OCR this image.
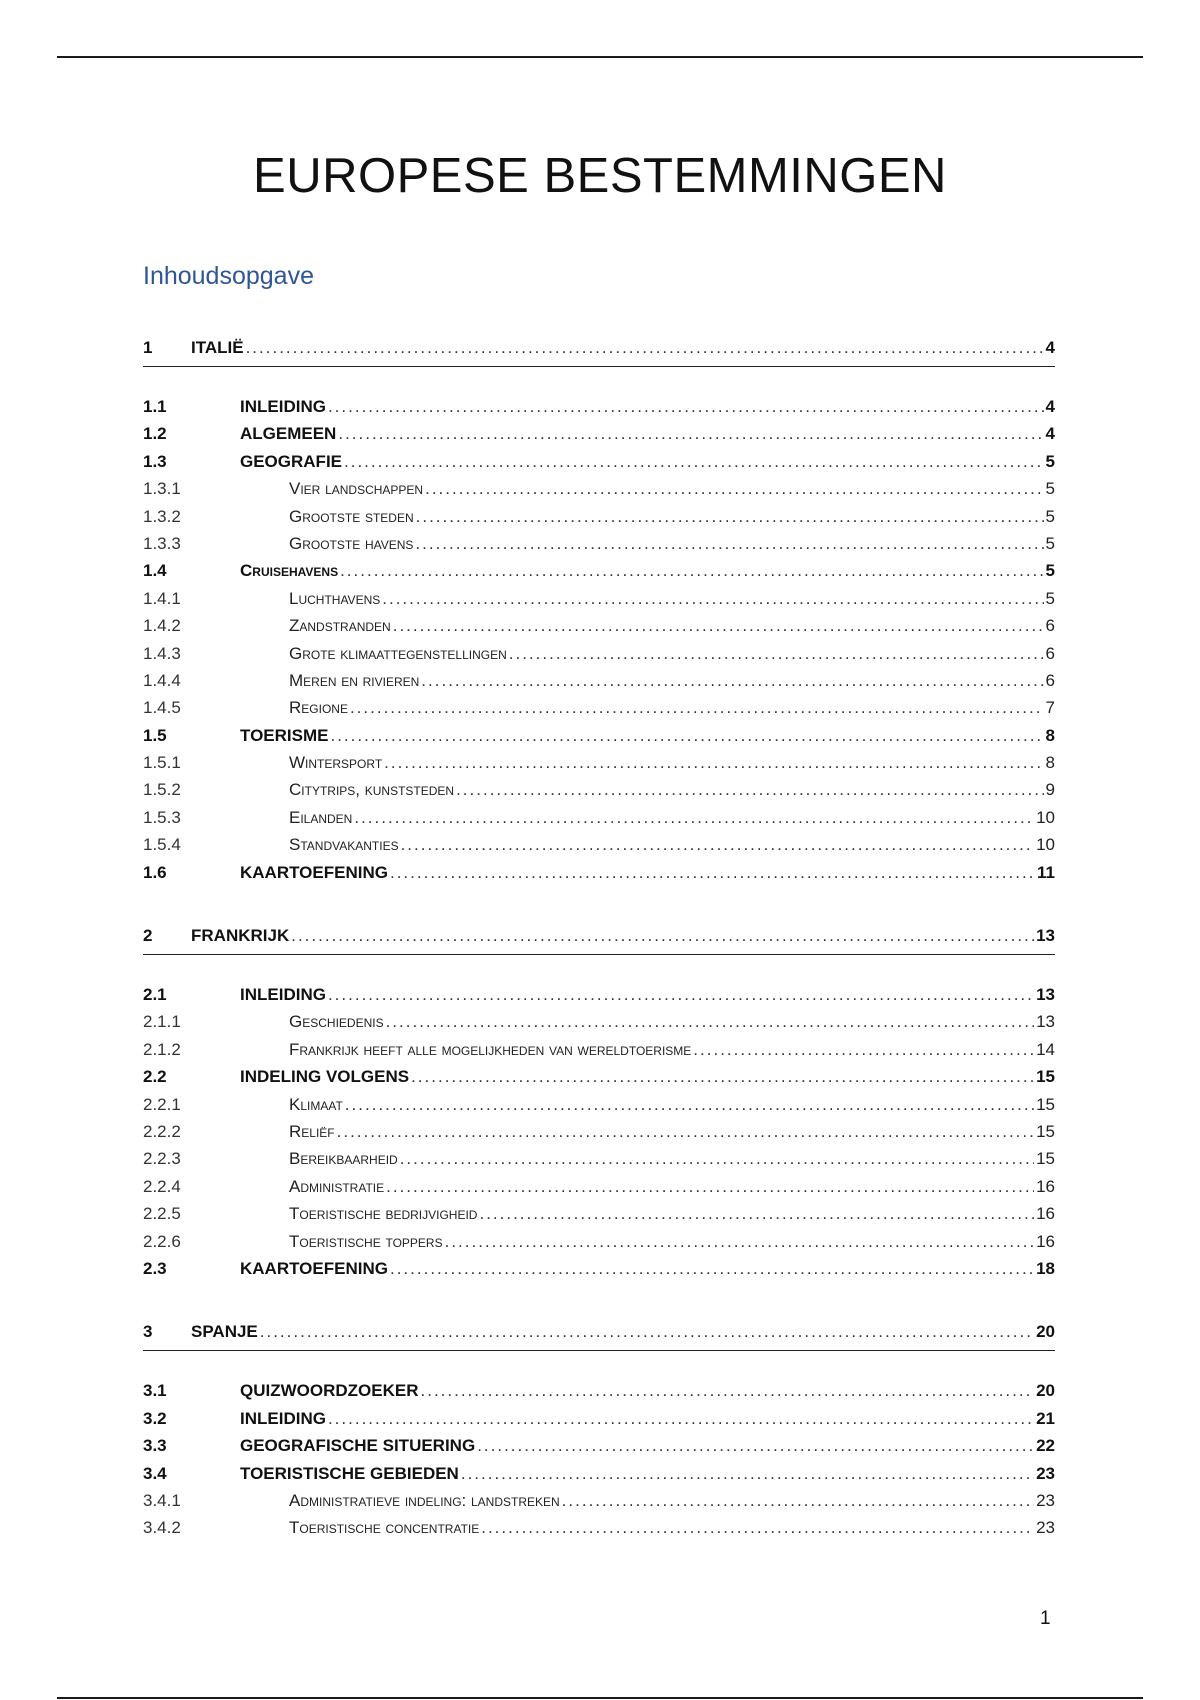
EUROPESE BESTEMMINGEN
Inhoudsopgave
1	ITALIË .....	4
1.1	INLEIDING .....	4
1.2	ALGEMEEN .....	4
1.3	GEOGRAFIE .....	5
1.3.1	Vier landschappen .....	5
1.3.2	Grootste steden .....	5
1.3.3	Grootste havens .....	5
1.4	Cruisehavens .....	5
1.4.1	Luchthavens .....	5
1.4.2	Zandstranden .....	6
1.4.3	Grote klimaattegenstellingen .....	6
1.4.4	Meren en rivieren .....	6
1.4.5	Regione .....	7
1.5	TOERISME .....	8
1.5.1	Wintersport .....	8
1.5.2	Citytrips, kunststeden .....	9
1.5.3	Eilanden .....	10
1.5.4	Standvakanties .....	10
1.6	KAARTOEFENING .....	11
2	FRANKRIJK .....	13
2.1	INLEIDING .....	13
2.1.1	Geschiedenis .....	13
2.1.2	Frankrijk heeft alle mogelijkheden van wereldtoerisme .....	14
2.2	INDELING VOLGENS .....	15
2.2.1	Klimaat .....	15
2.2.2	Reliëf .....	15
2.2.3	Bereikbaarheid .....	15
2.2.4	Administratie .....	16
2.2.5	Toeristische bedrijvigheid .....	16
2.2.6	Toeristische toppers .....	16
2.3	KAARTOEFENING .....	18
3	SPANJE .....	20
3.1	QUIZWOORDZOEKER .....	20
3.2	INLEIDING .....	21
3.3	GEOGRAFISCHE SITUERING .....	22
3.4	TOERISTISCHE GEBIEDEN .....	23
3.4.1	Administratieve indeling: landstreken .....	23
3.4.2	Toeristische concentratie .....	23
1
